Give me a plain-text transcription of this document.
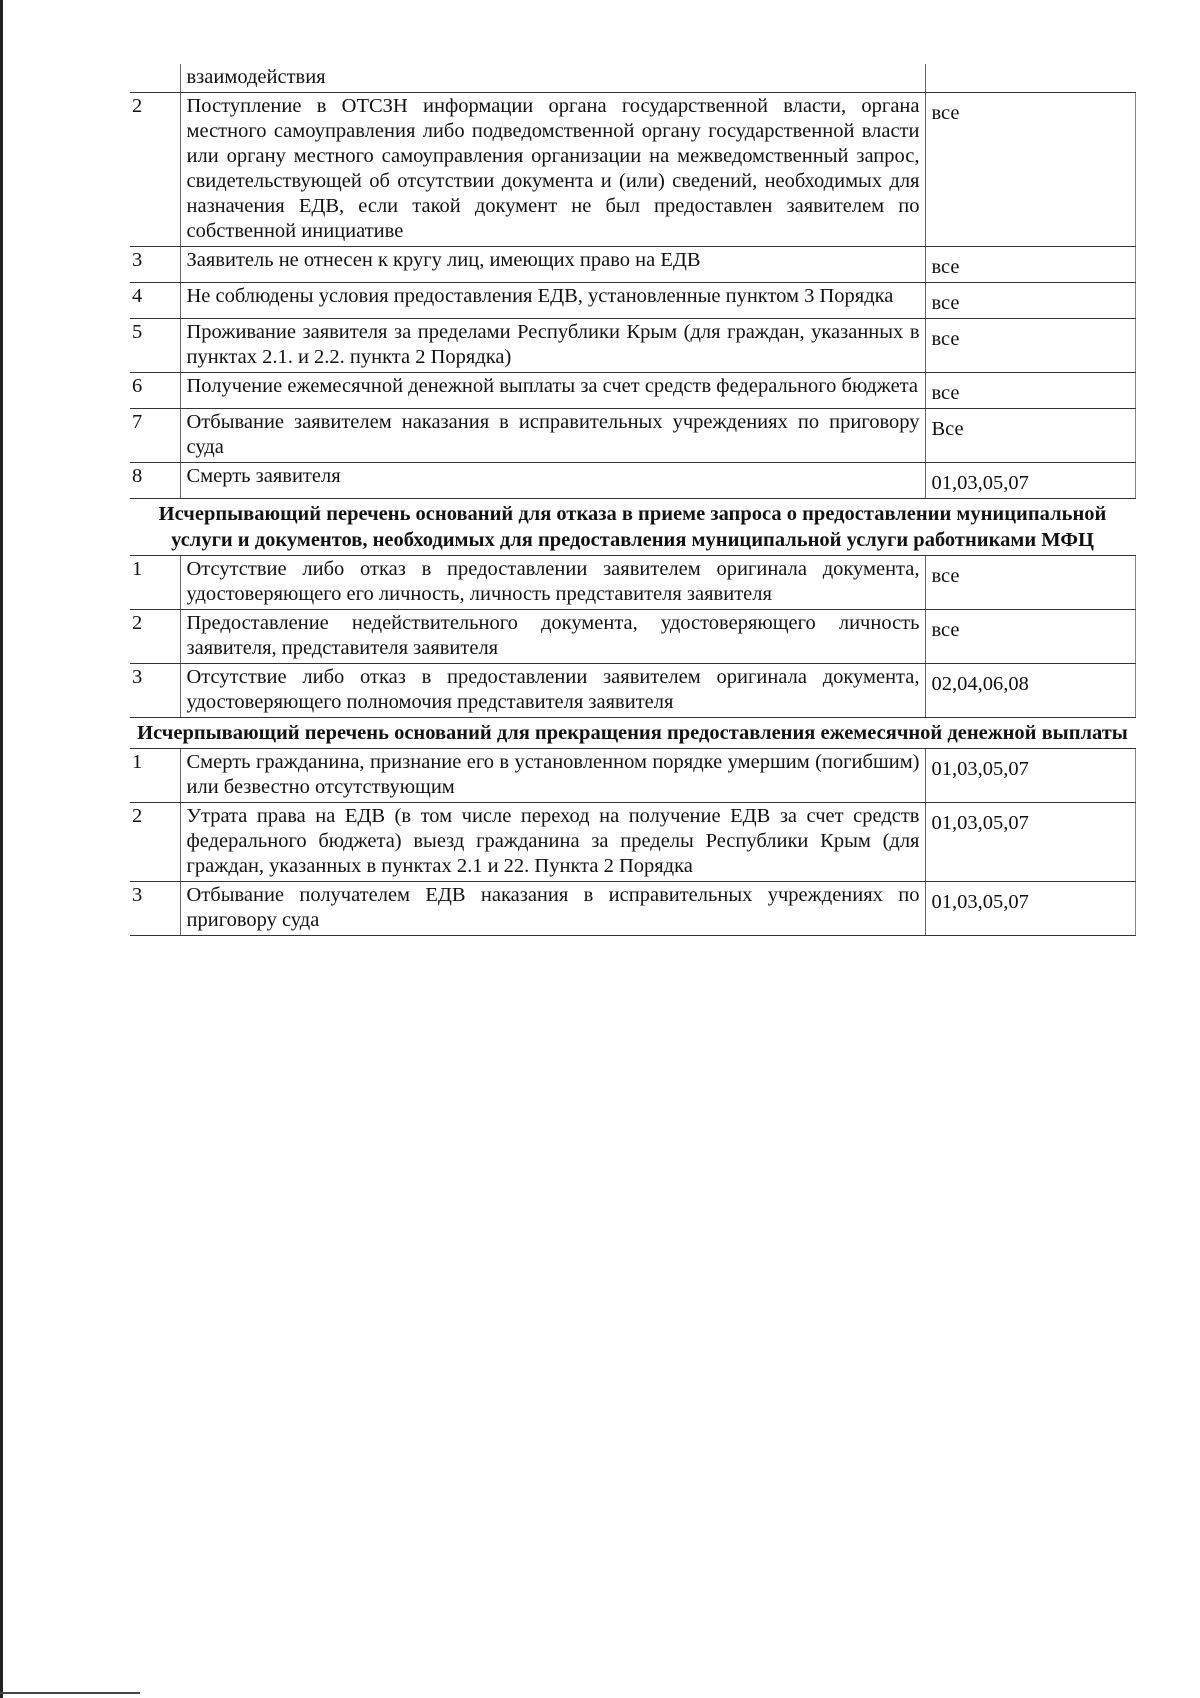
	взаимодействия	
2	Поступление в ОТСЗН информации органа государственной власти, органа местного самоуправления либо подведомственной органу государственной власти или органу местного самоуправления организации на межведомственный запрос, свидетельствующей об отсутствии документа и (или) сведений, необходимых для назначения ЕДВ, если такой документ не был предоставлен заявителем по собственной инициативе	все
3	Заявитель не отнесен к кругу лиц, имеющих право на ЕДВ	все
4	Не соблюдены условия предоставления ЕДВ, установленные пунктом 3 Порядка	все
5	Проживание заявителя за пределами Республики Крым (для граждан, указанных в пунктах 2.1. и 2.2. пункта 2 Порядка)	все
6	Получение ежемесячной денежной выплаты за счет средств федерального бюджета	все
7	Отбывание заявителем наказания в исправительных учреждениях по приговору суда	Все
8	Смерть заявителя	01,03,05,07
Исчерпывающий перечень оснований для отказа в приеме запроса о предоставлении муниципальной услуги и документов, необходимых для предоставления муниципальной услуги работниками МФЦ		
1	Отсутствие либо отказ в предоставлении заявителем оригинала документа, удостоверяющего его личность, личность представителя заявителя	все
2	Предоставление недействительного документа, удостоверяющего личность заявителя, представителя заявителя	все
3	Отсутствие либо отказ в предоставлении заявителем оригинала документа, удостоверяющего полномочия представителя заявителя	02,04,06,08
Исчерпывающий перечень оснований для прекращения предоставления ежемесячной денежной выплаты		
1	Смерть гражданина, признание его в установленном порядке умершим (погибшим) или безвестно отсутствующим	01,03,05,07
2	Утрата права на ЕДВ (в том числе переход на получение ЕДВ за счет средств федерального бюджета) выезд гражданина за пределы Республики Крым (для граждан, указанных в пунктах 2.1 и 22. Пункта 2 Порядка	01,03,05,07
3	Отбывание получателем ЕДВ наказания в исправительных учреждениях по приговору суда	01,03,05,07
